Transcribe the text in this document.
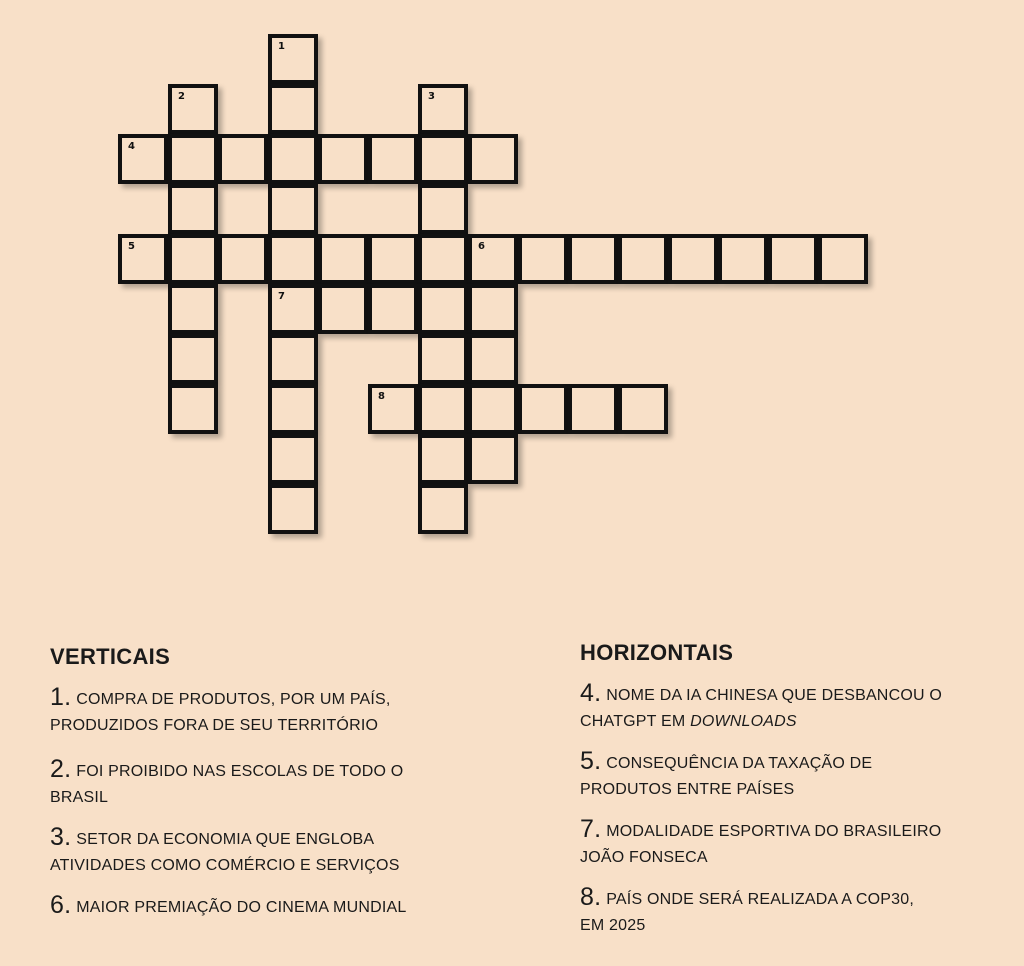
1
2	3
4
5	6
7
8
VERTICAIS
1. COMPRA DE PRODUTOS, POR UM PAÍS,
PRODUZIDOS FORA DE SEU TERRITÓRIO
2. FOI PROIBIDO NAS ESCOLAS DE TODO O
BRASIL
3. SETOR DA ECONOMIA QUE ENGLOBA
ATIVIDADES COMO COMÉRCIO E SERVIÇOS
6. MAIOR PREMIAÇÃO DO CINEMA MUNDIAL
HORIZONTAIS
4. NOME DA IA CHINESA QUE DESBANCOU O
CHATGPT EM DOWNLOADS
5. CONSEQUÊNCIA DA TAXAÇÃO DE
PRODUTOS ENTRE PAÍSES
7. MODALIDADE ESPORTIVA DO BRASILEIRO
JOÃO FONSECA
8. PAÍS ONDE SERÁ REALIZADA A COP30,
EM 2025
